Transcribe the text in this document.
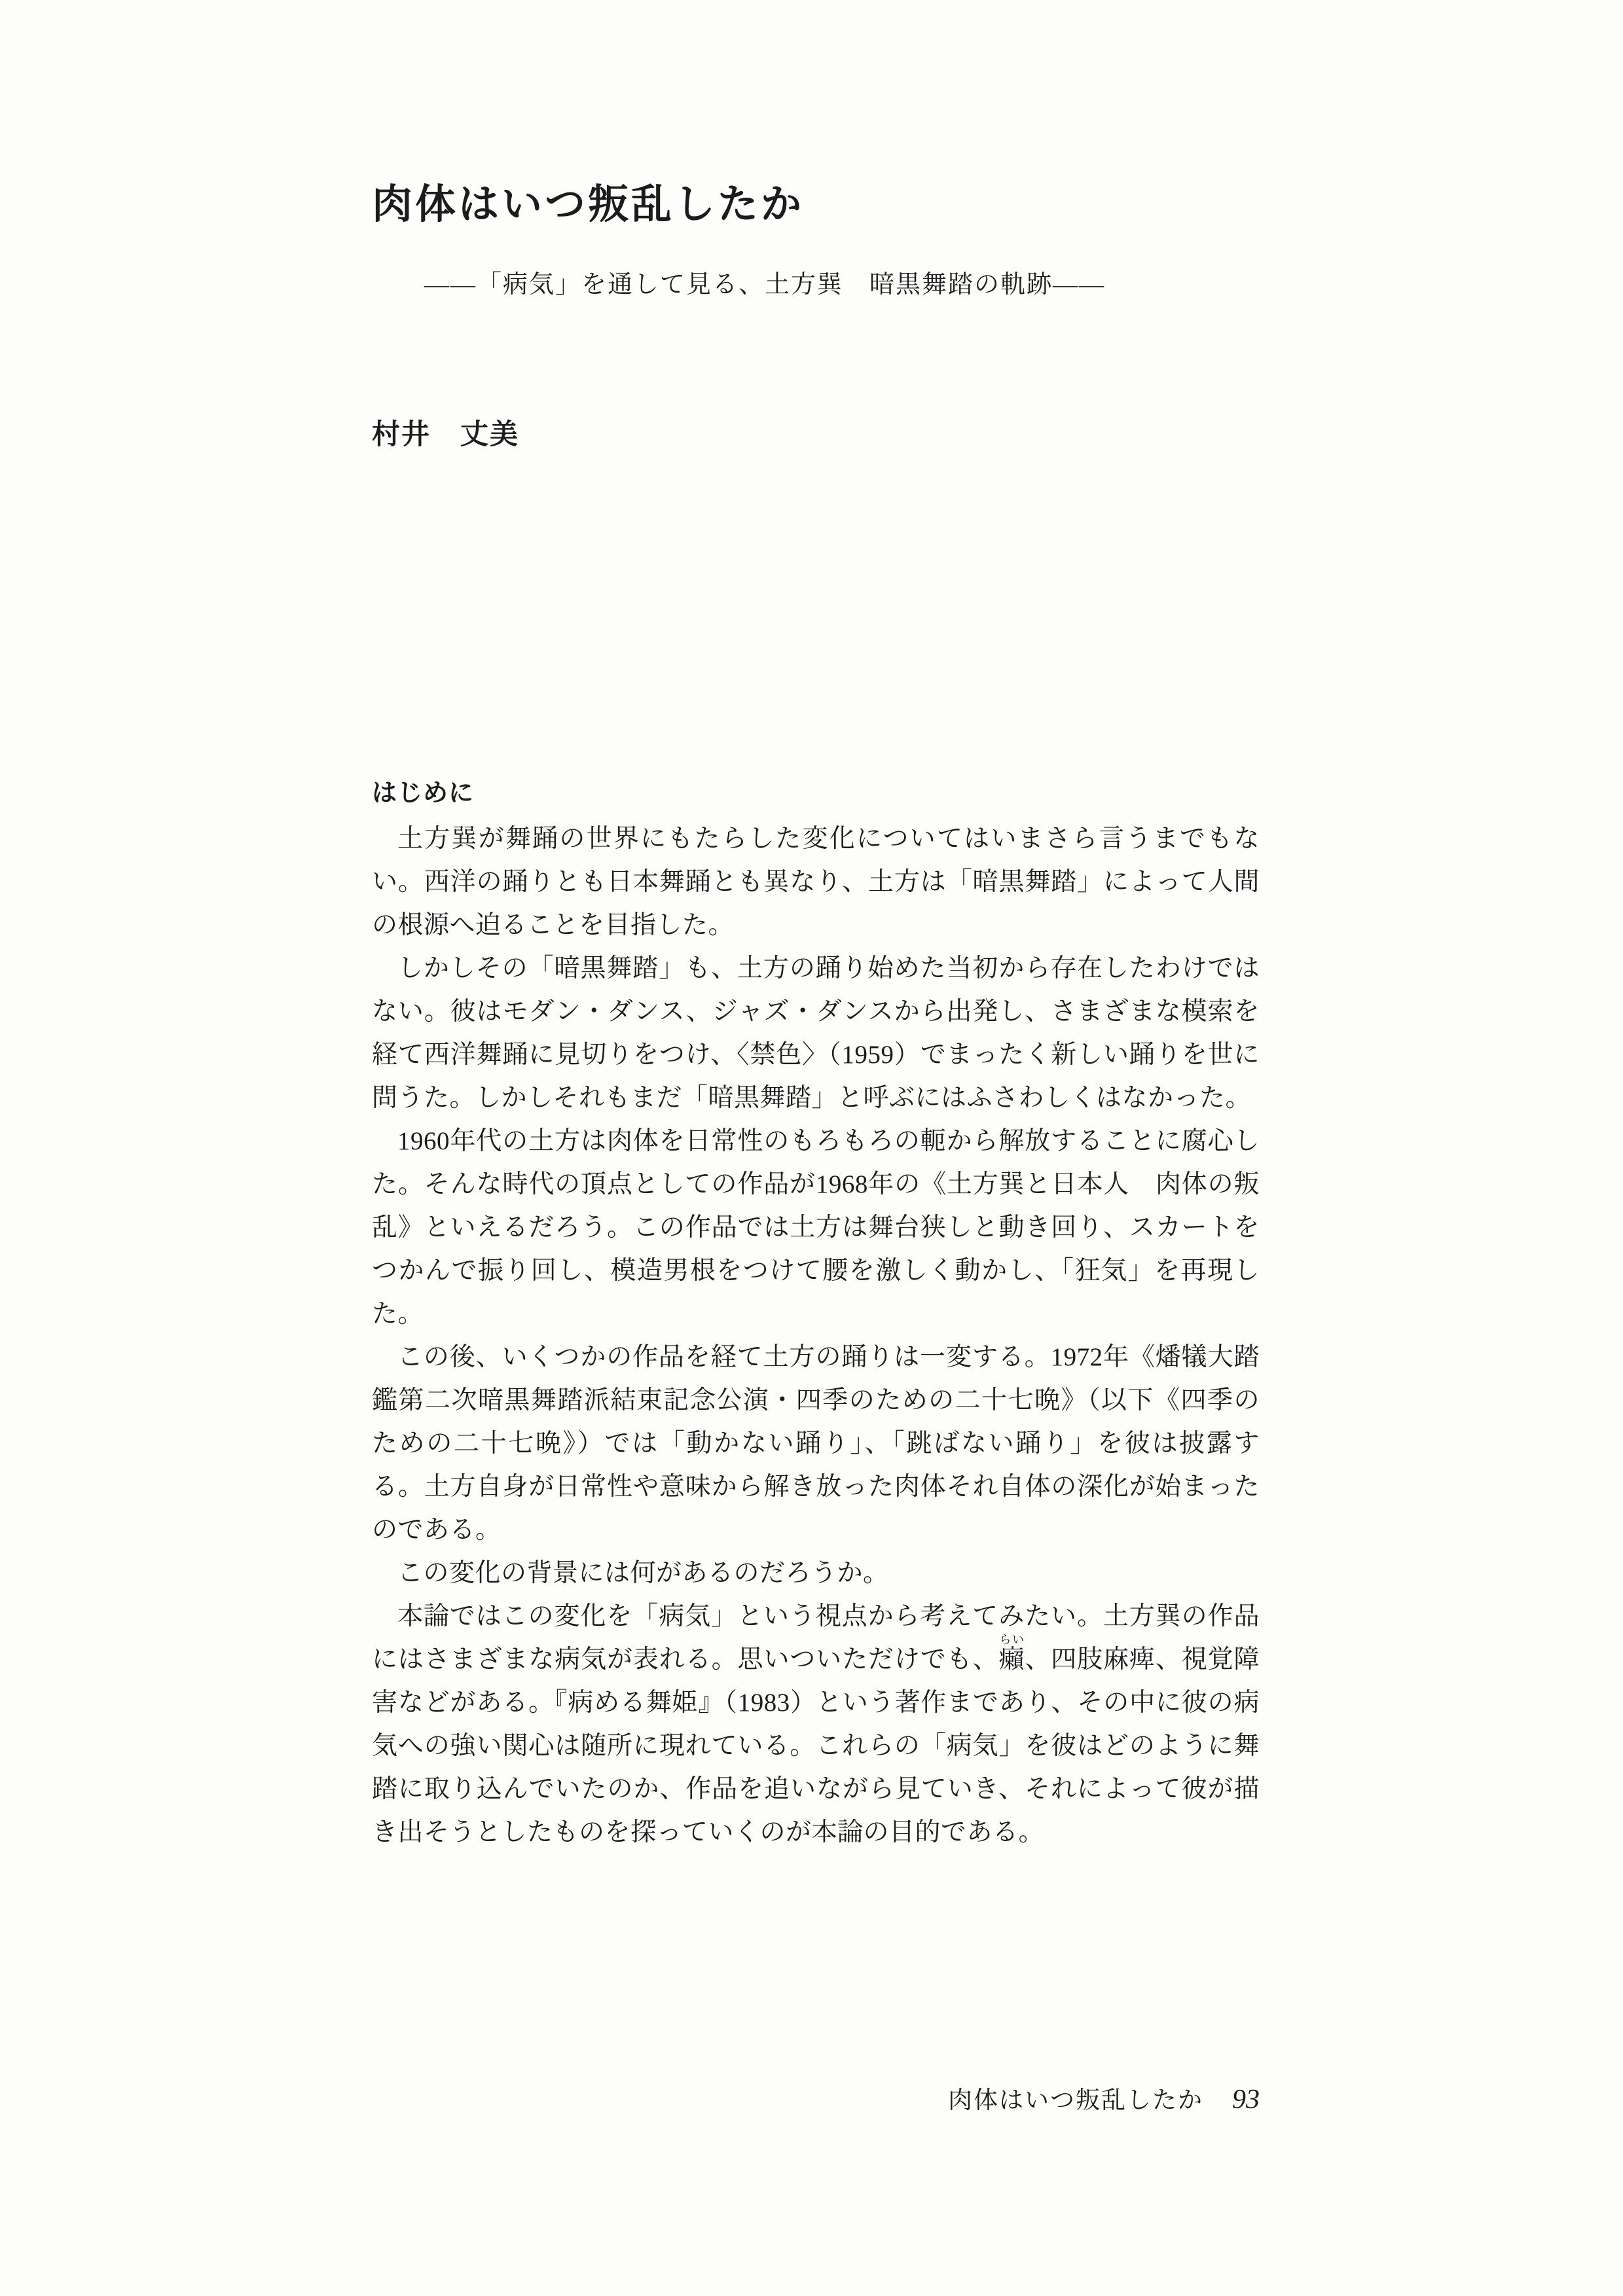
肉体はいつ叛乱したか

――「病気」を通して見る、土方巽　暗黒舞踏の軌跡――

村井　丈美

はじめに

土方巽が舞踊の世界にもたらした変化についてはいまさら言うまでもない。西洋の踊りとも日本舞踊とも異なり、土方は「暗黒舞踏」によって人間の根源へ迫ることを目指した。

しかしその「暗黒舞踏」も、土方の踊り始めた当初から存在したわけではない。彼はモダン・ダンス、ジャズ・ダンスから出発し、さまざまな模索を経て西洋舞踊に見切りをつけ、〈禁色〉（1959）でまったく新しい踊りを世に問うた。しかしそれもまだ「暗黒舞踏」と呼ぶにはふさわしくはなかった。

1960年代の土方は肉体を日常性のもろもろの軛から解放することに腐心した。そんな時代の頂点としての作品が1968年の《土方巽と日本人　肉体の叛乱》といえるだろう。この作品では土方は舞台狭しと動き回り、スカートをつかんで振り回し、模造男根をつけて腰を激しく動かし、「狂気」を再現した。

この後、いくつかの作品を経て土方の踊りは一変する。1972年《燔犠大踏鑑第二次暗黒舞踏派結束記念公演・四季のための二十七晩》（以下《四季のための二十七晩》）では「動かない踊り」、「跳ばない踊り」を彼は披露する。土方自身が日常性や意味から解き放った肉体それ自体の深化が始まったのである。

この変化の背景には何があるのだろうか。

本論ではこの変化を「病気」という視点から考えてみたい。土方巽の作品にはさまざまな病気が表れる。思いついただけでも、癩らい、四肢麻痺、視覚障害などがある。『病める舞姫』（1983）という著作まであり、その中に彼の病気への強い関心は随所に現れている。これらの「病気」を彼はどのように舞踏に取り込んでいたのか、作品を追いながら見ていき、それによって彼が描き出そうとしたものを探っていくのが本論の目的である。

肉体はいつ叛乱したか 93
